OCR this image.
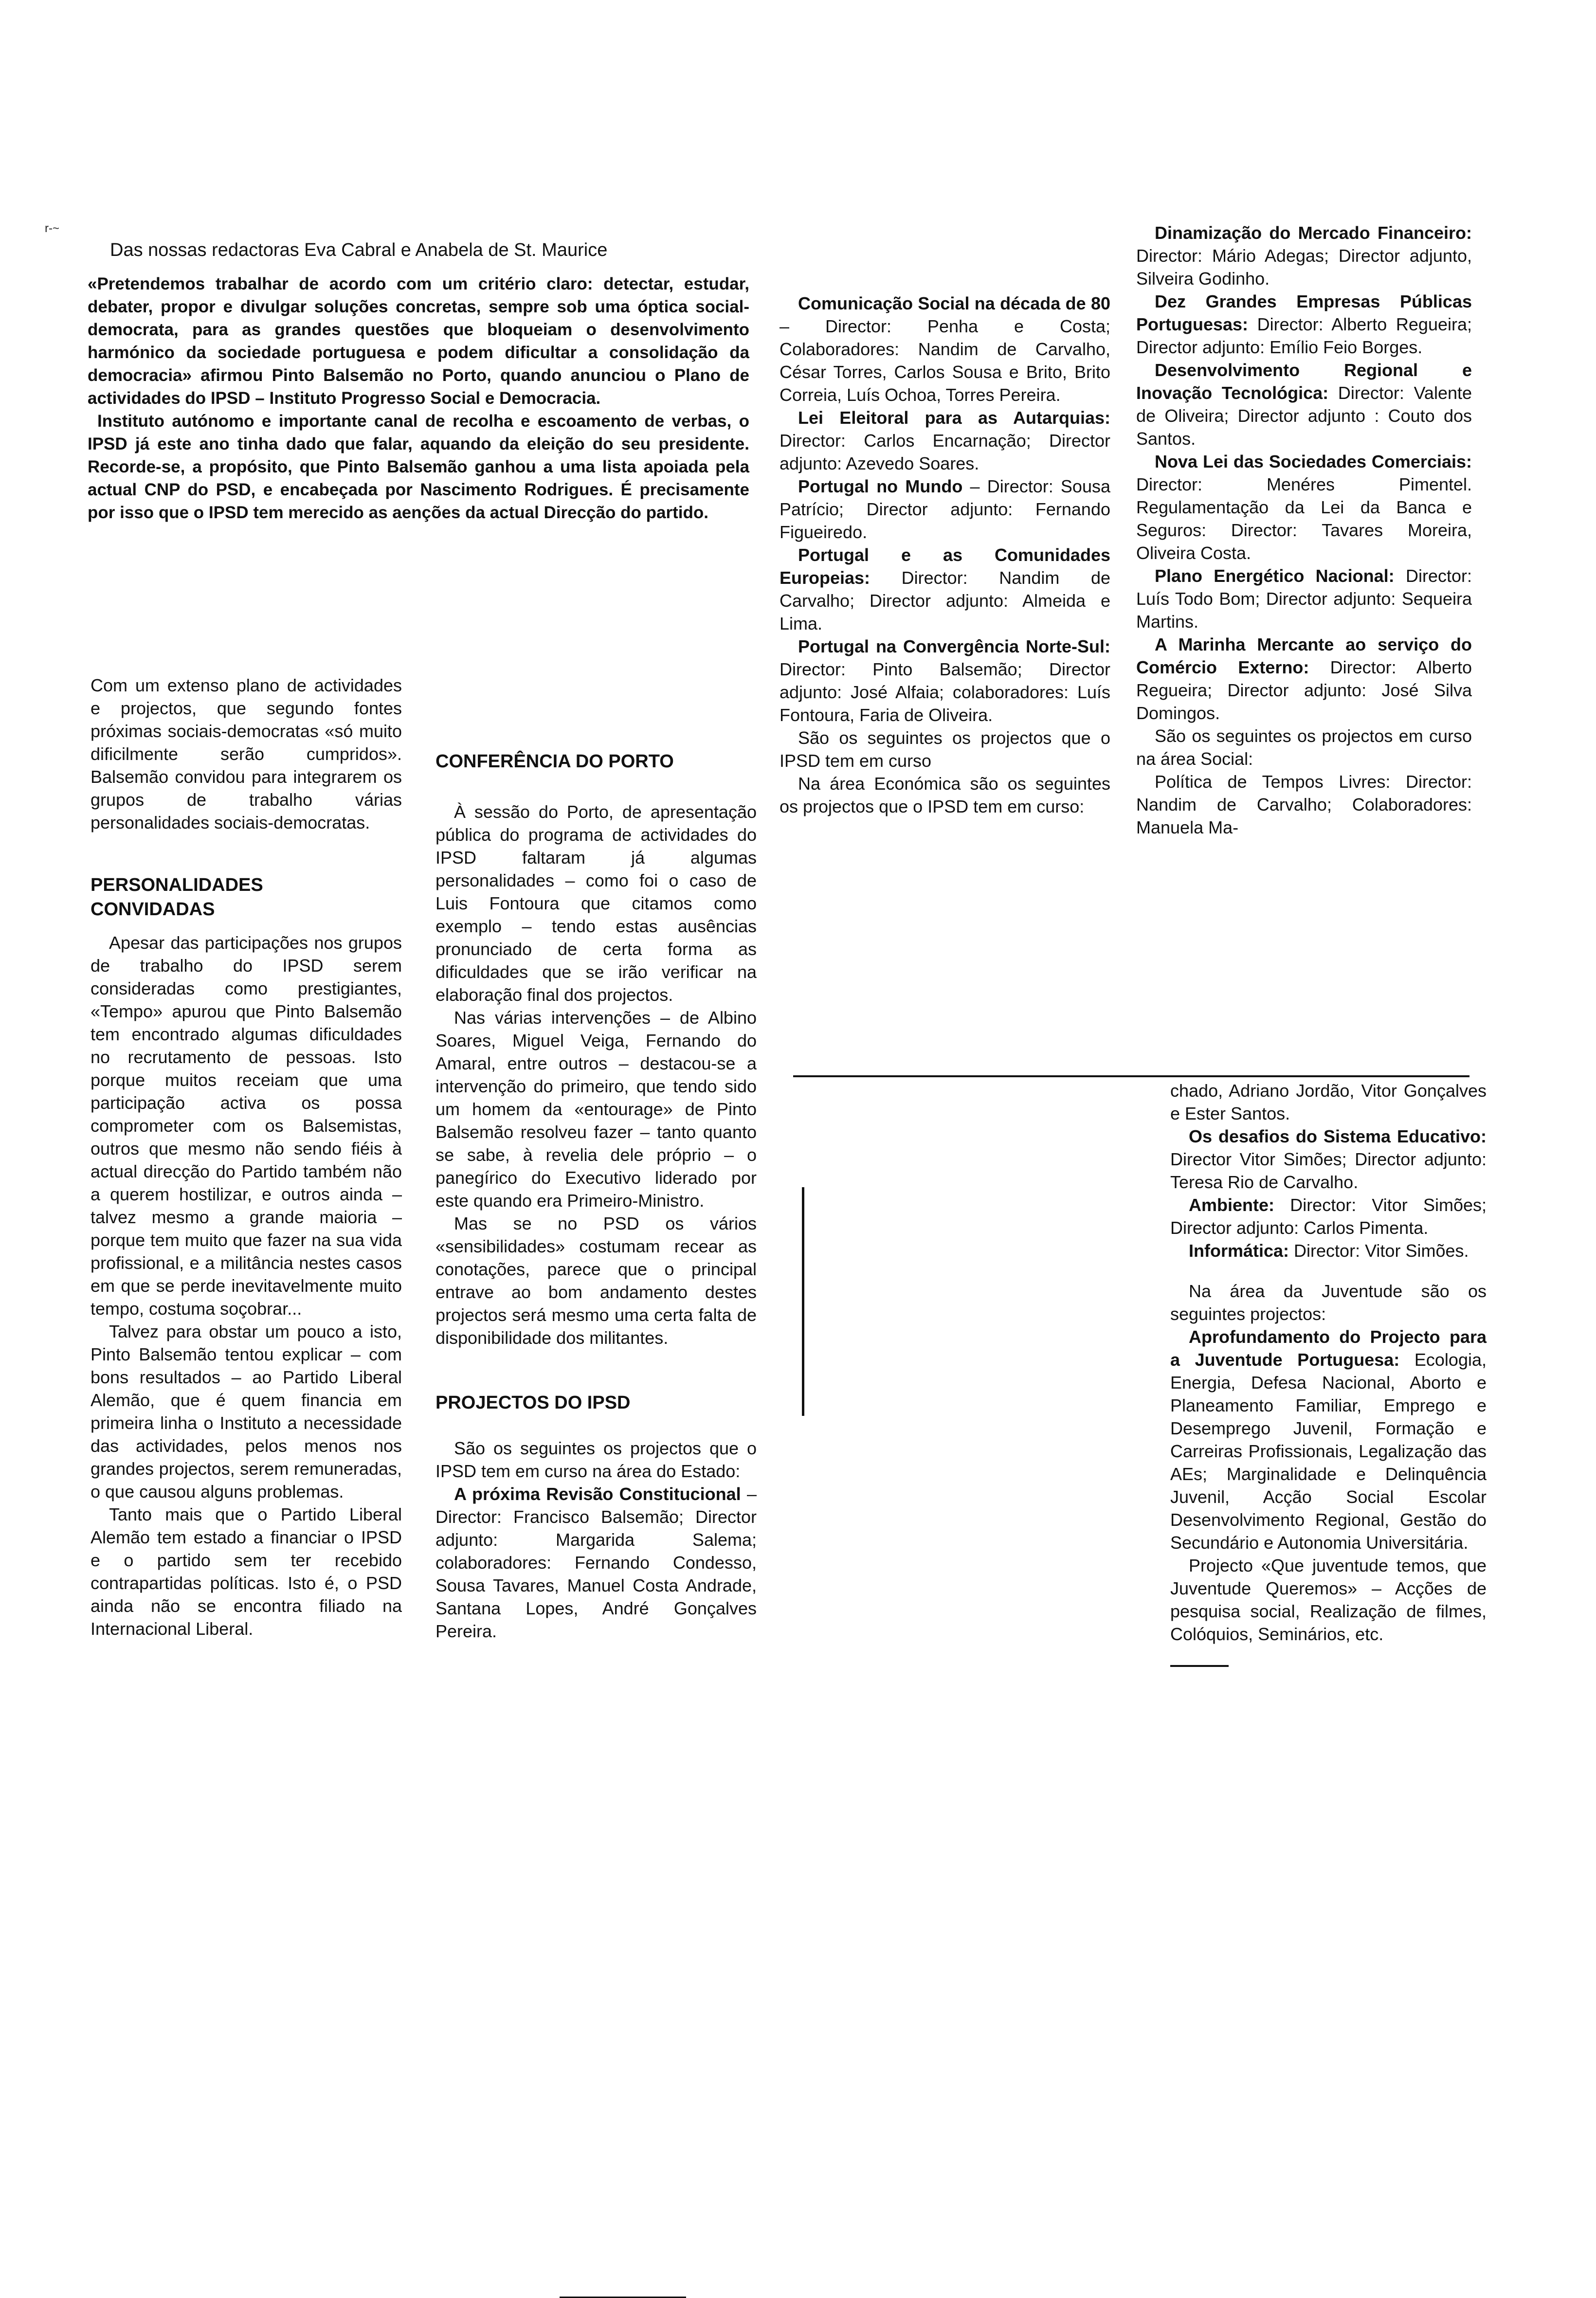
r-~
Das nossas redactoras Eva Cabral e Anabela de St. Maurice

«Pretendemos trabalhar de acordo com um critério claro: detectar, estudar, debater, propor e divulgar soluções concretas, sempre sob uma óptica social-democrata, para as grandes questões que bloqueiam o desenvolvimento harmónico da sociedade portuguesa e podem dificultar a consolidação da democracia» afirmou Pinto Balsemão no Porto, quando anunciou o Plano de actividades do IPSD – Instituto Progresso Social e Democracia.

Instituto autónomo e importante canal de recolha e escoamento de verbas, o IPSD já este ano tinha dado que falar, aquando da eleição do seu presidente. Recorde-se, a propósito, que Pinto Balsemão ganhou a uma lista apoiada pela actual CNP do PSD, e encabeçada por Nascimento Rodrigues. É precisamente por isso que o IPSD tem merecido as aenções da actual Direcção do partido.

Com um extenso plano de actividades e projectos, que segundo fontes próximas sociais-democratas «só muito dificilmente serão cumpridos». Balsemão convidou para integrarem os grupos de trabalho várias personalidades sociais-democratas.

PERSONALIDADES CONVIDADAS

Apesar das participações nos grupos de trabalho do IPSD serem consideradas como prestigiantes, «Tempo» apurou que Pinto Balsemão tem encontrado algumas dificuldades no recrutamento de pessoas. Isto porque muitos receiam que uma participação activa os possa comprometer com os Balsemistas, outros que mesmo não sendo fiéis à actual direcção do Partido também não a querem hostilizar, e outros ainda – talvez mesmo a grande maioria – porque tem muito que fazer na sua vida profissional, e a militância nestes casos em que se perde inevitavelmente muito tempo, costuma soçobrar...

Talvez para obstar um pouco a isto, Pinto Balsemão tentou explicar – com bons resultados – ao Partido Liberal Alemão, que é quem financia em primeira linha o Instituto a necessidade das actividades, pelos menos nos grandes projectos, serem remuneradas, o que causou alguns problemas.

Tanto mais que o Partido Liberal Alemão tem estado a financiar o IPSD e o partido sem ter recebido contrapartidas políticas. Isto é, o PSD ainda não se encontra filiado na Internacional Liberal.

CONFERÊNCIA DO PORTO

À sessão do Porto, de apresentação pública do programa de actividades do IPSD faltaram já algumas personalidades – como foi o caso de Luis Fontoura que citamos como exemplo – tendo estas ausências pronunciado de certa forma as dificuldades que se irão verificar na elaboração final dos projectos.

Nas várias intervenções – de Albino Soares, Miguel Veiga, Fernando do Amaral, entre outros – destacou-se a intervenção do primeiro, que tendo sido um homem da «entourage» de Pinto Balsemão resolveu fazer – tanto quanto se sabe, à revelia dele próprio – o panegírico do Executivo liderado por este quando era Primeiro-Ministro.

Mas se no PSD os vários «sensibilidades» costumam recear as conotações, parece que o principal entrave ao bom andamento destes projectos será mesmo uma certa falta de disponibilidade dos militantes.

PROJECTOS DO IPSD

São os seguintes os projectos que o IPSD tem em curso na área do Estado:

A próxima Revisão Constitucional – Director: Francisco Balsemão; Director adjunto: Margarida Salema; colaboradores: Fernando Condesso, Sousa Tavares, Manuel Costa Andrade, Santana Lopes, André Gonçalves Pereira.

Comunicação Social na década de 80 – Director: Penha e Costa; Colaboradores: Nandim de Carvalho, César Torres, Carlos Sousa e Brito, Brito Correia, Luís Ochoa, Torres Pereira.

Lei Eleitoral para as Autarquias: Director: Carlos Encarnação; Director adjunto: Azevedo Soares.

Portugal no Mundo – Director: Sousa Patrício; Director adjunto: Fernando Figueiredo.

Portugal e as Comunidades Europeias: Director: Nandim de Carvalho; Director adjunto: Almeida e Lima.

Portugal na Convergência Norte-Sul: Director: Pinto Balsemão; Director adjunto: José Alfaia; colaboradores: Luís Fontoura, Faria de Oliveira.

São os seguintes os projectos que o IPSD tem em curso

Na área Económica são os seguintes os projectos que o IPSD tem em curso:

Dinamização do Mercado Financeiro: Director: Mário Adegas; Director adjunto, Silveira Godinho.

Dez Grandes Empresas Públicas Portuguesas: Director: Alberto Regueira; Director adjunto: Emílio Feio Borges.

Desenvolvimento Regional e Inovação Tecnológica: Director: Valente de Oliveira; Director adjunto : Couto dos Santos.

Nova Lei das Sociedades Comerciais: Director: Menéres Pimentel. Regulamentação da Lei da Banca e Seguros: Director: Tavares Moreira, Oliveira Costa.

Plano Energético Nacional: Director: Luís Todo Bom; Director adjunto: Sequeira Martins.

A Marinha Mercante ao serviço do Comércio Externo: Director: Alberto Regueira; Director adjunto: José Silva Domingos.

São os seguintes os projectos em curso na área Social:

Política de Tempos Livres: Director: Nandim de Carvalho; Colaboradores: Manuela Ma-

chado, Adriano Jordão, Vitor Gonçalves e Ester Santos.

Os desafios do Sistema Educativo: Director Vitor Simões; Director adjunto: Teresa Rio de Carvalho.

Ambiente: Director: Vitor Simões; Director adjunto: Carlos Pimenta.

Informática: Director: Vitor Simões.

Na área da Juventude são os seguintes projectos:

Aprofundamento do Projecto para a Juventude Portuguesa: Ecologia, Energia, Defesa Nacional, Aborto e Planeamento Familiar, Emprego e Desemprego Juvenil, Formação e Carreiras Profissionais, Legalização das AEs; Marginalidade e Delinquência Juvenil, Acção Social Escolar Desenvolvimento Regional, Gestão do Secundário e Autonomia Universitária.

Projecto «Que juventude temos, que Juventude Queremos» – Acções de pesquisa social, Realização de filmes, Colóquios, Seminários, etc.
